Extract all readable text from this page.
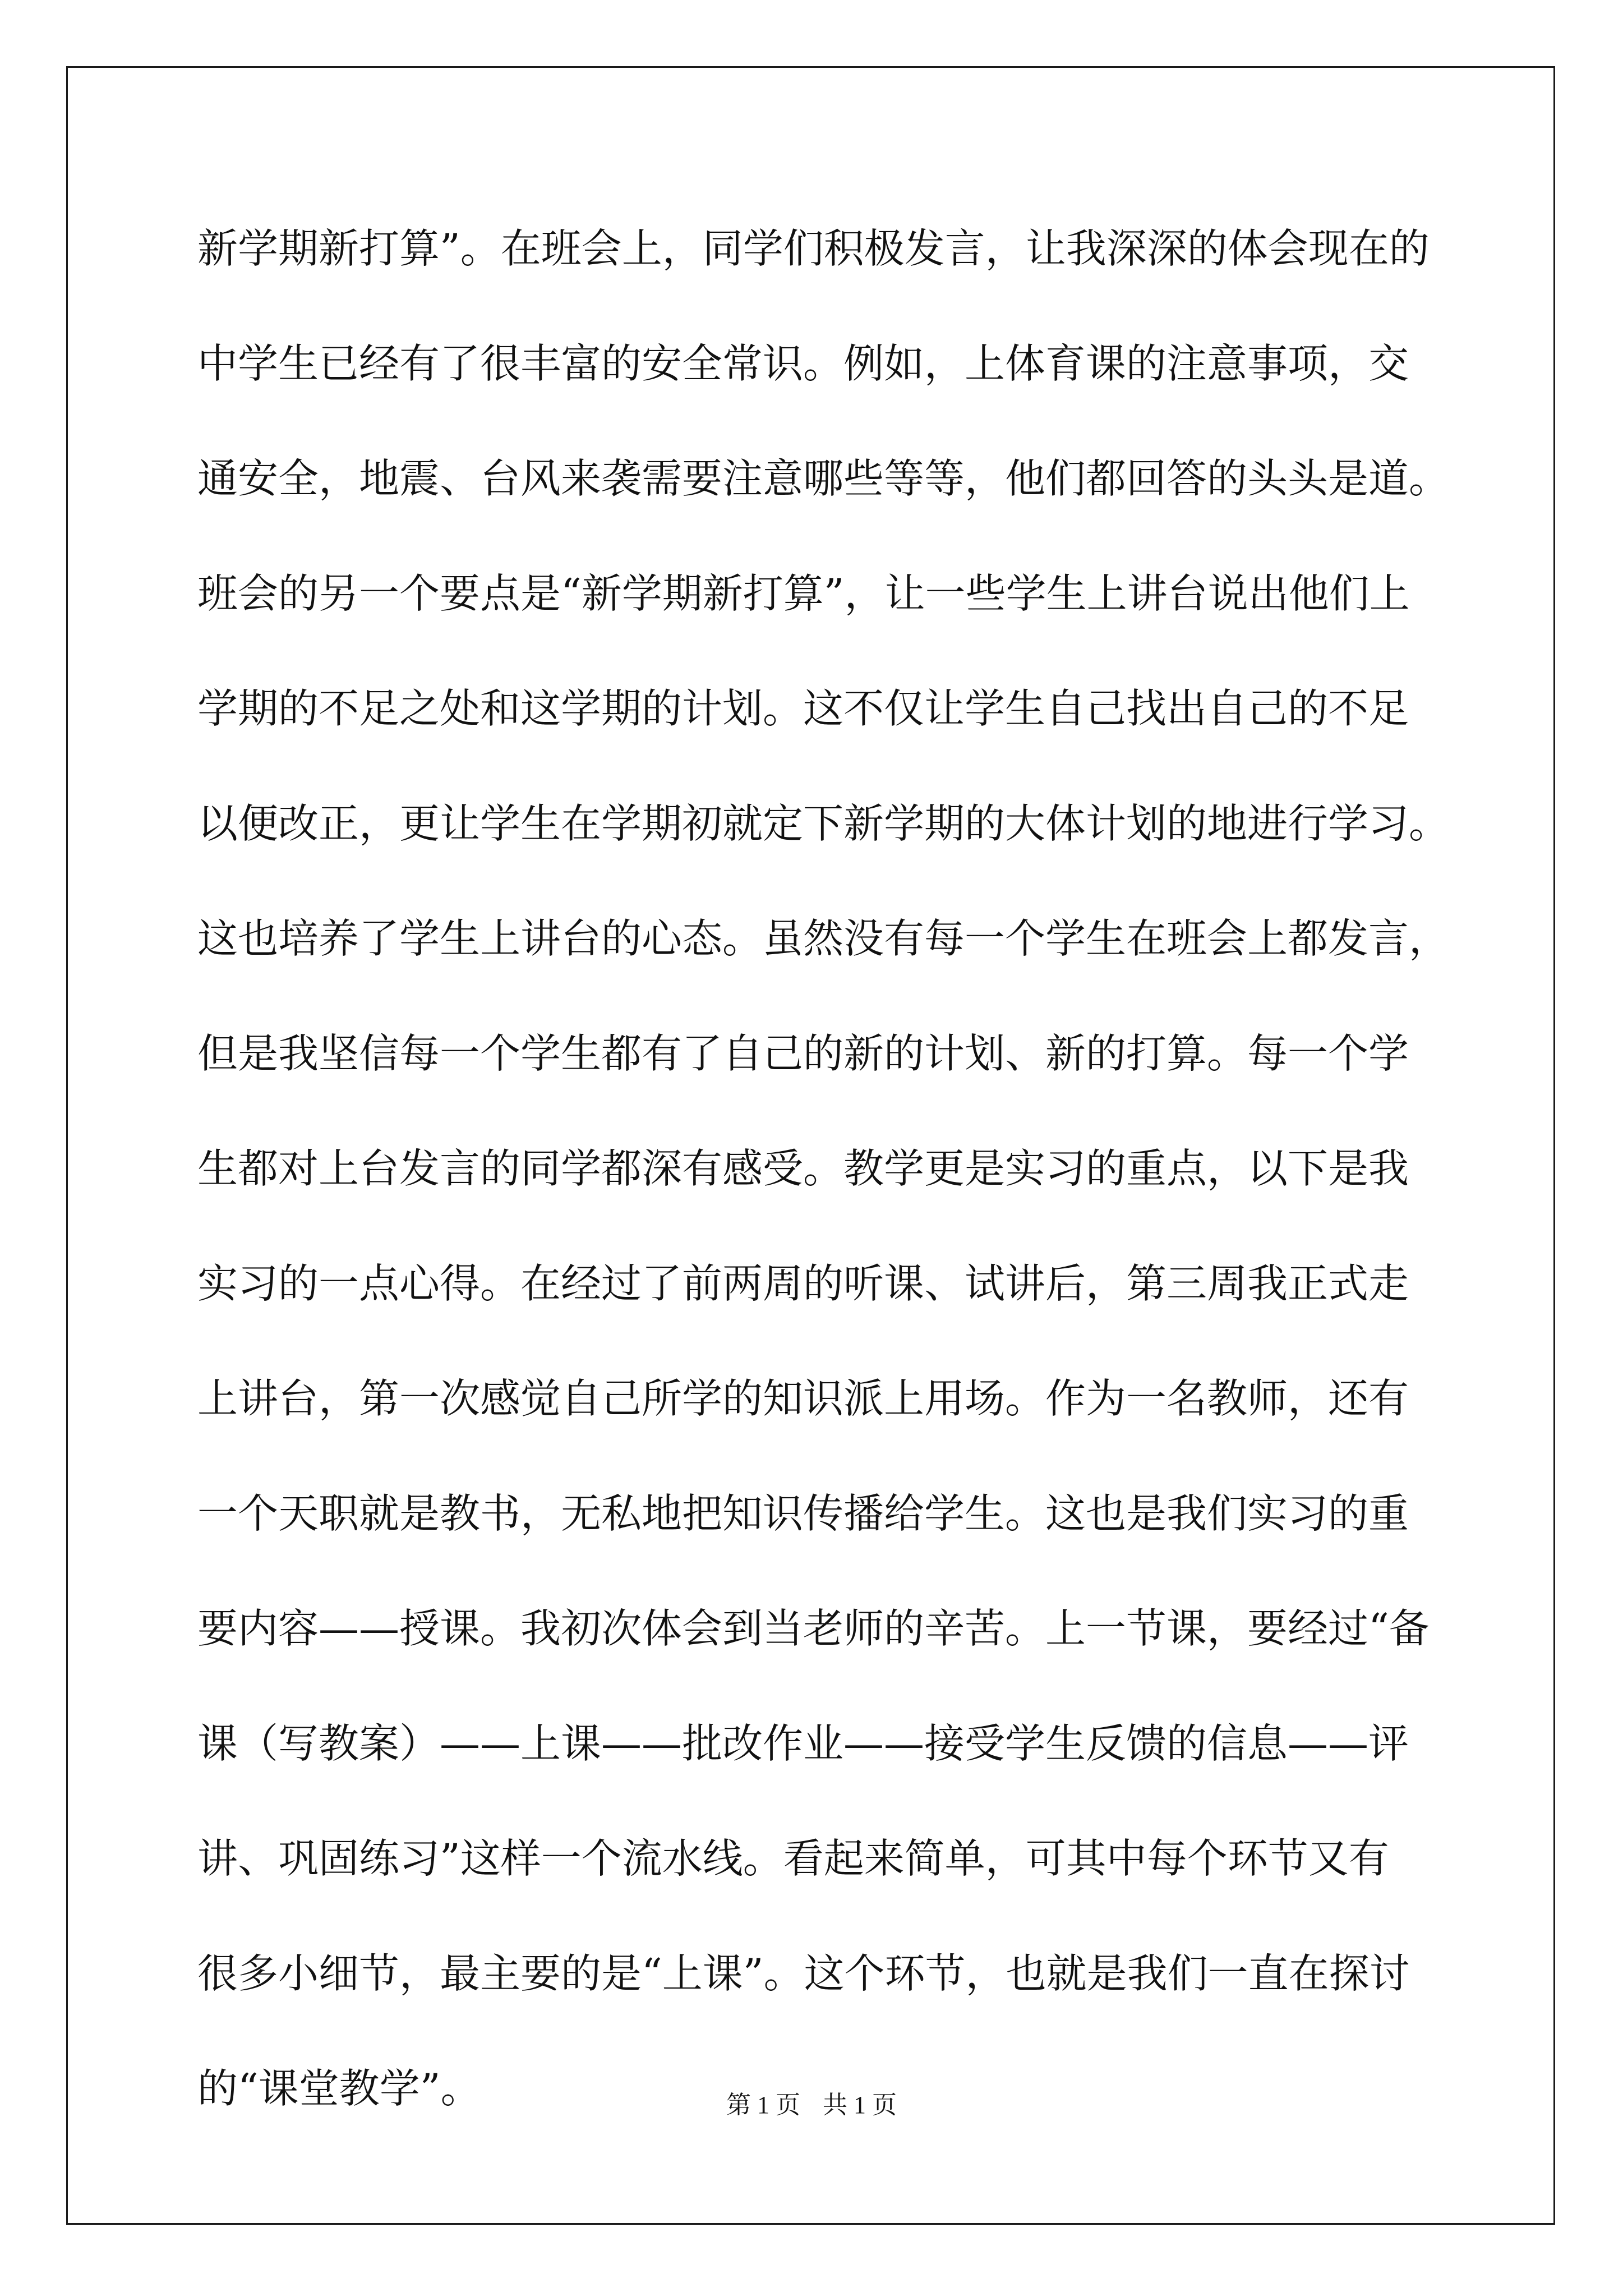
新学期新打算”。在班会上，同学们积极发言，让我深深的体会现在的
中学生已经有了很丰富的安全常识。例如，上体育课的注意事项，交
通安全，地震、台风来袭需要注意哪些等等，他们都回答的头头是道。
班会的另一个要点是“新学期新打算”，让一些学生上讲台说出他们上
学期的不足之处和这学期的计划。这不仅让学生自己找出自己的不足
以便改正，更让学生在学期初就定下新学期的大体计划的地进行学习。
这也培养了学生上讲台的心态。虽然没有每一个学生在班会上都发言，
但是我坚信每一个学生都有了自己的新的计划、新的打算。每一个学
生都对上台发言的同学都深有感受。教学更是实习的重点，以下是我
实习的一点心得。在经过了前两周的听课、试讲后，第三周我正式走
上讲台，第一次感觉自己所学的知识派上用场。作为一名教师，还有
一个天职就是教书，无私地把知识传播给学生。这也是我们实习的重
要内容——授课。我初次体会到当老师的辛苦。上一节课，要经过“备
课（写教案）——上课——批改作业——接受学生反馈的信息——评
讲、巩固练习”这样一个流水线。看起来简单，可其中每个环节又有
很多小细节，最主要的是“上课”。这个环节，也就是我们一直在探讨
的“课堂教学”。	第 1 页 共 1 页
